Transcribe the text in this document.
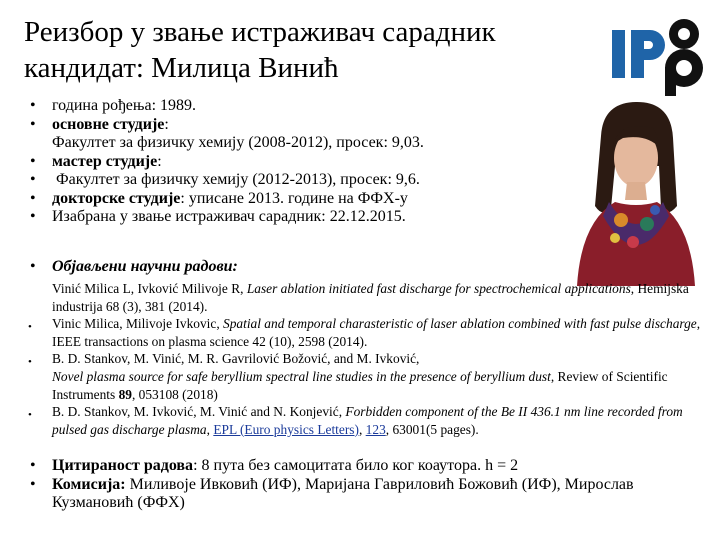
Реизбор у звање истраживач сарадник
кандидат: Милица Винић
• година рођења: 1989.
• основне студије:
Факултет за физичку хемију (2008-2012), просек: 9,03.
• мастер студије:
• Факултет за физичку хемију (2012-2013), просек: 9,6.
• докторске студије: уписане 2013. године на ФФХ-у
• Изабрана у звање истраживач сарадник: 22.12.2015.
• Објављени научни радови:
Vinić Milica L, Ivković Milivoje R, Laser ablation initiated fast discharge for spectrochemical applications, Hemijska industrija 68 (3), 381 (2014).
• Vinic Milica, Milivoje Ivkovic, Spatial and temporal charasteristic of laser ablation combined with fast pulse discharge, IEEE transactions on plasma science 42 (10), 2598 (2014).
• B. D. Stankov, M. Vinić, M. R. Gavrilović Božović, and M. Ivković,
Novel plasma source for safe beryllium spectral line studies in the presence of beryllium dust, Review of Scientific Instruments 89, 053108 (2018)
• B. D. Stankov, M. Ivković, M. Vinić and N. Konjević, Forbidden component of the Be II 436.1 nm line recorded from pulsed gas discharge plasma, EPL (Euro physics Letters), 123, 63001(5 pages).
• Цитираност радова: 8 пута без самоцитата било ког коаутора. h = 2
• Комисија: Миливоје Ивковић (ИФ), Маријана Гавриловић Божовић (ИФ), Мирослав Кузмановић (ФФХ)
